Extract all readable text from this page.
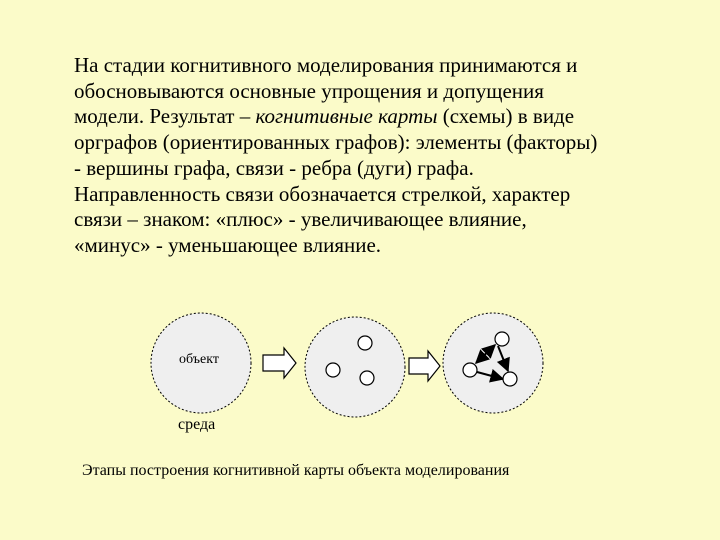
На стадии когнитивного моделирования принимаются и
обосновываются основные упрощения и допущения
модели. Результат – когнитивные карты (схемы) в виде
орграфов (ориентированных графов): элементы (факторы)
- вершины графа, связи - ребра (дуги) графа.
Направленность связи обозначается стрелкой, характер
связи – знаком: «плюс» - увеличивающее влияние,
«минус» - уменьшающее влияние.
объект
среда
Этапы построения когнитивной карты объекта моделирования
